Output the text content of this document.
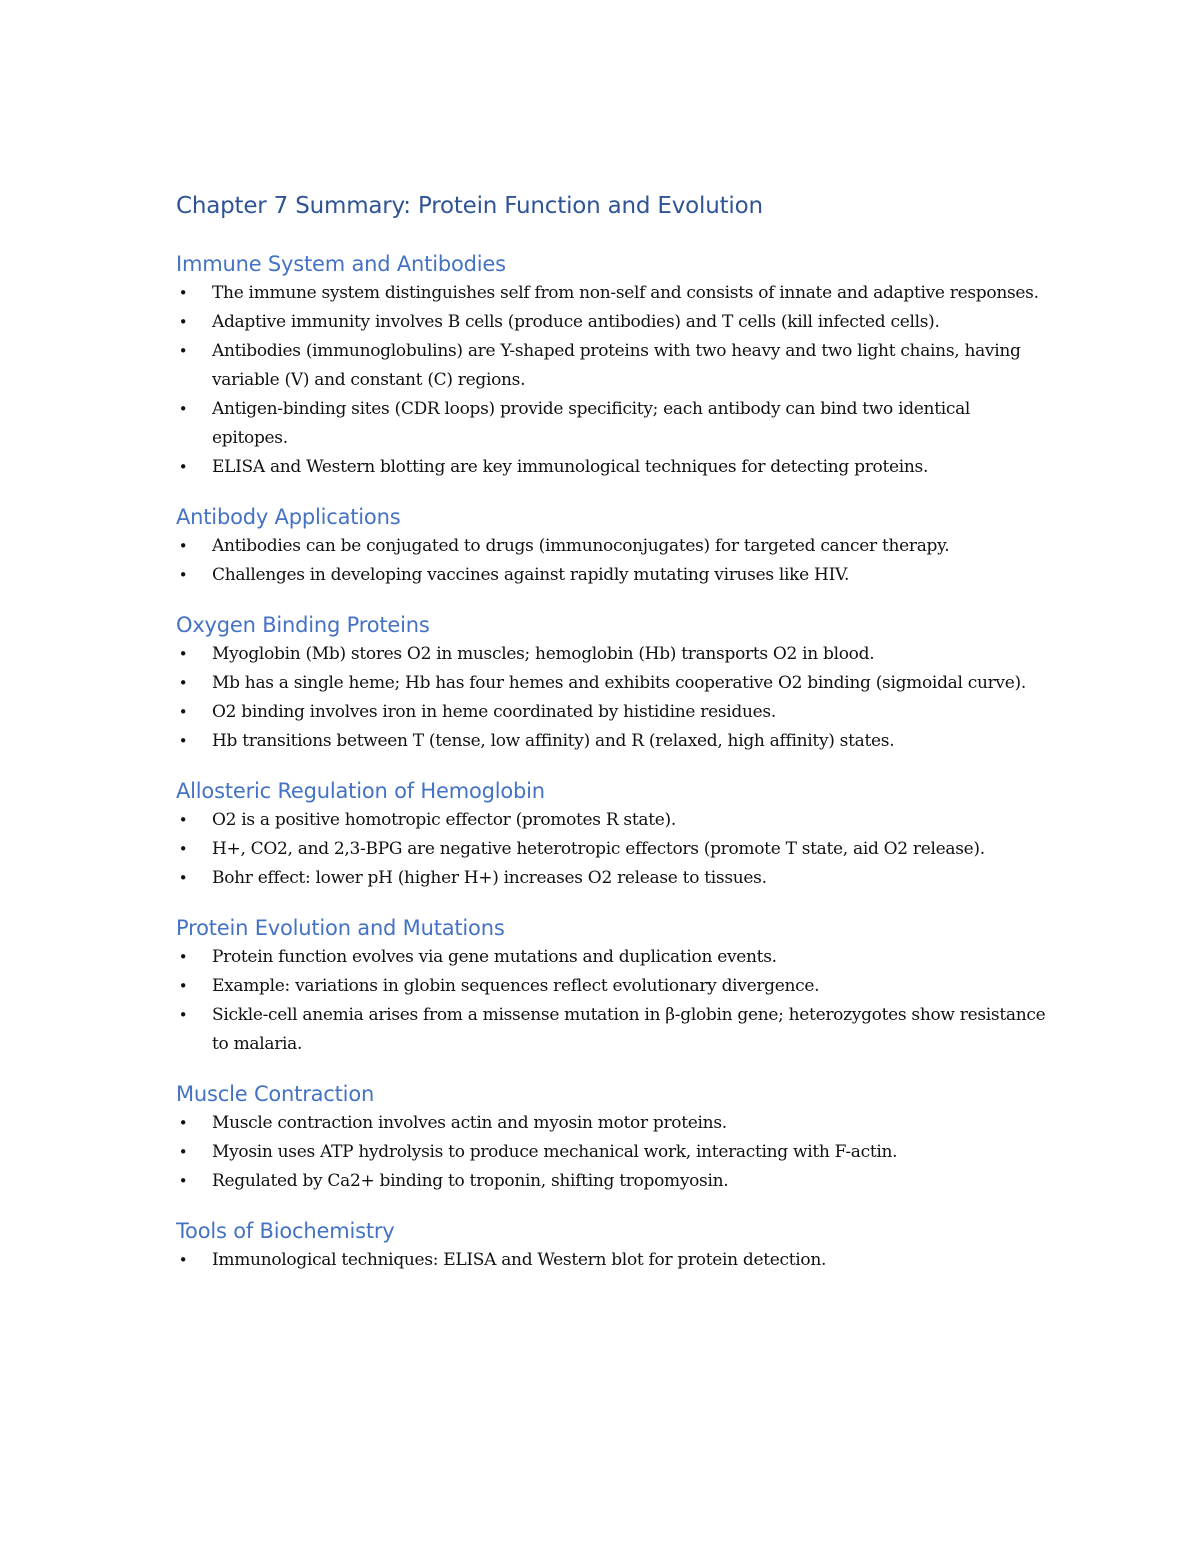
Chapter 7 Summary: Protein Function and Evolution
Immune System and Antibodies
• The immune system distinguishes self from non-self and consists of innate and adaptive responses.
• Adaptive immunity involves B cells (produce antibodies) and T cells (kill infected cells).
• Antibodies (immunoglobulins) are Y-shaped proteins with two heavy and two light chains, having variable (V) and constant (C) regions.
• Antigen-binding sites (CDR loops) provide specificity; each antibody can bind two identical epitopes.
• ELISA and Western blotting are key immunological techniques for detecting proteins.
Antibody Applications
• Antibodies can be conjugated to drugs (immunoconjugates) for targeted cancer therapy.
• Challenges in developing vaccines against rapidly mutating viruses like HIV.
Oxygen Binding Proteins
• Myoglobin (Mb) stores O2 in muscles; hemoglobin (Hb) transports O2 in blood.
• Mb has a single heme; Hb has four hemes and exhibits cooperative O2 binding (sigmoidal curve).
• O2 binding involves iron in heme coordinated by histidine residues.
• Hb transitions between T (tense, low affinity) and R (relaxed, high affinity) states.
Allosteric Regulation of Hemoglobin
• O2 is a positive homotropic effector (promotes R state).
• H+, CO2, and 2,3-BPG are negative heterotropic effectors (promote T state, aid O2 release).
• Bohr effect: lower pH (higher H+) increases O2 release to tissues.
Protein Evolution and Mutations
• Protein function evolves via gene mutations and duplication events.
• Example: variations in globin sequences reflect evolutionary divergence.
• Sickle-cell anemia arises from a missense mutation in β-globin gene; heterozygotes show resistance to malaria.
Muscle Contraction
• Muscle contraction involves actin and myosin motor proteins.
• Myosin uses ATP hydrolysis to produce mechanical work, interacting with F-actin.
• Regulated by Ca2+ binding to troponin, shifting tropomyosin.
Tools of Biochemistry
• Immunological techniques: ELISA and Western blot for protein detection.
